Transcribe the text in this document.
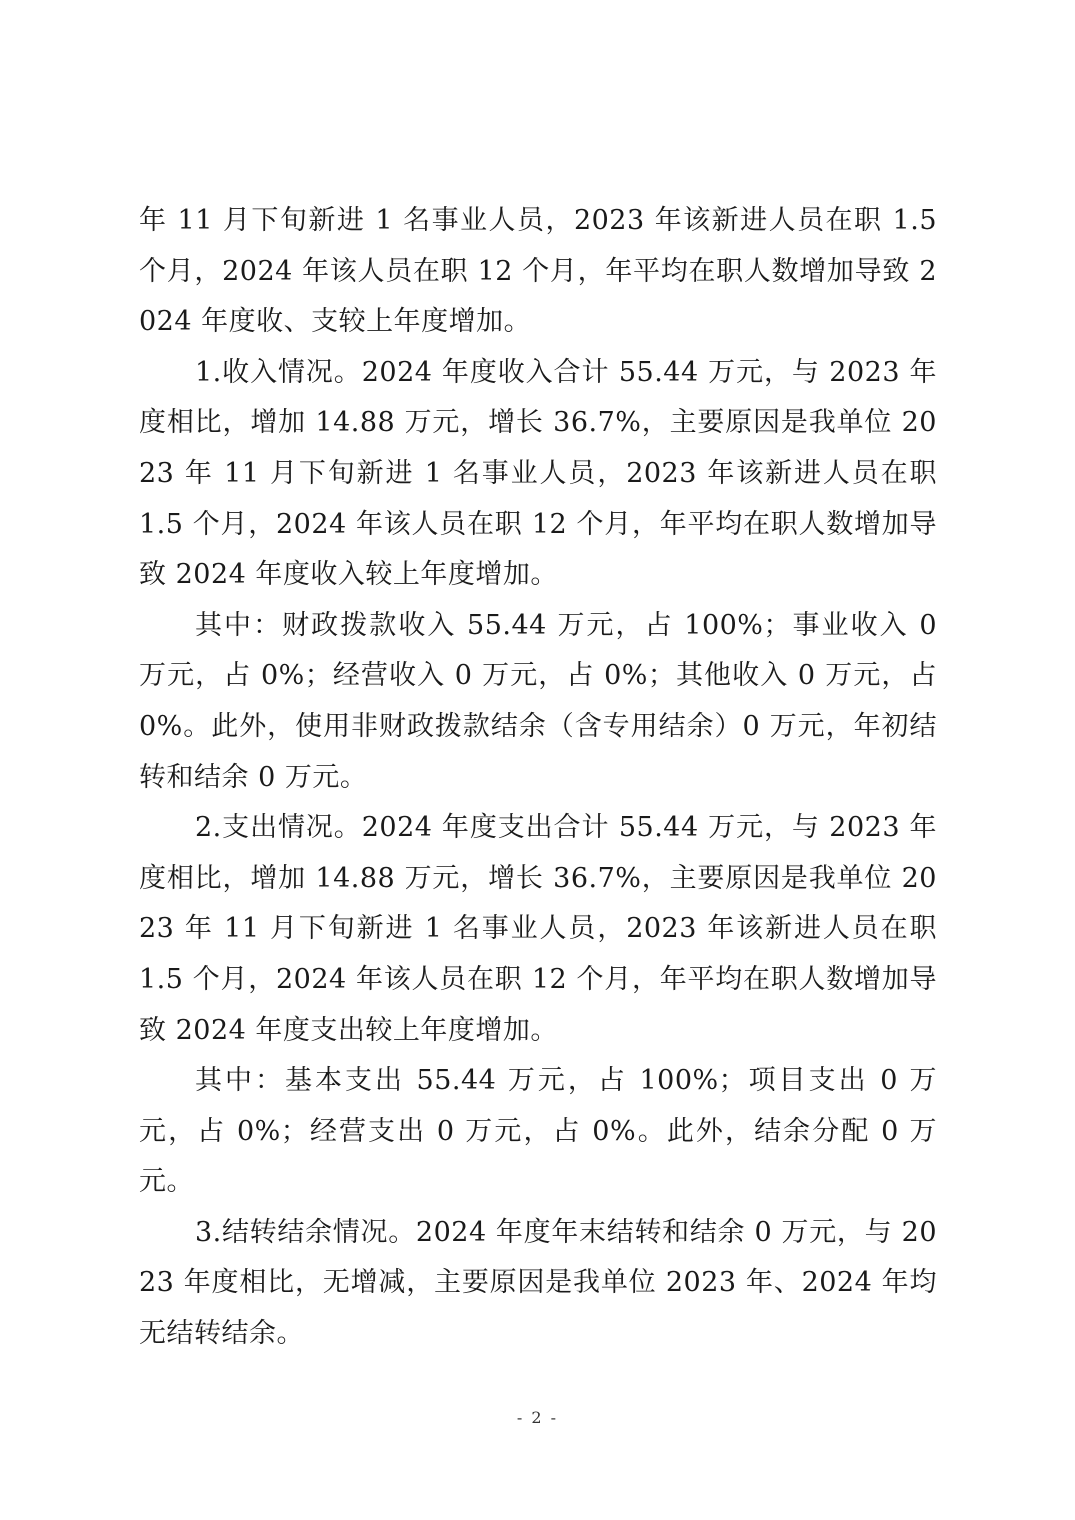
年 11 月下旬新进 1 名事业人员，2023 年该新进人员在职 1.5 个月，2024 年该人员在职 12 个月，年平均在职人数增加导致 2024 年度收、支较上年度增加。

1.收入情况。2024 年度收入合计 55.44 万元，与 2023 年度相比，增加 14.88 万元，增长 36.7%，主要原因是我单位 2023 年 11 月下旬新进 1 名事业人员，2023 年该新进人员在职 1.5 个月，2024 年该人员在职 12 个月，年平均在职人数增加导致 2024 年度收入较上年度增加。

其中：财政拨款收入 55.44 万元，占 100%；事业收入 0 万元，占 0%；经营收入 0 万元，占 0%；其他收入 0 万元，占 0%。此外，使用非财政拨款结余（含专用结余）0 万元，年初结转和结余 0 万元。

2.支出情况。2024 年度支出合计 55.44 万元，与 2023 年度相比，增加 14.88 万元，增长 36.7%，主要原因是我单位 2023 年 11 月下旬新进 1 名事业人员，2023 年该新进人员在职 1.5 个月，2024 年该人员在职 12 个月，年平均在职人数增加导致 2024 年度支出较上年度增加。

其中：基本支出 55.44 万元，占 100%；项目支出 0 万元，占 0%；经营支出 0 万元，占 0%。此外，结余分配 0 万元。

3.结转结余情况。2024 年度年末结转和结余 0 万元，与 2023 年度相比，无增减，主要原因是我单位 2023 年、2024 年均无结转结余。

- 2 -
